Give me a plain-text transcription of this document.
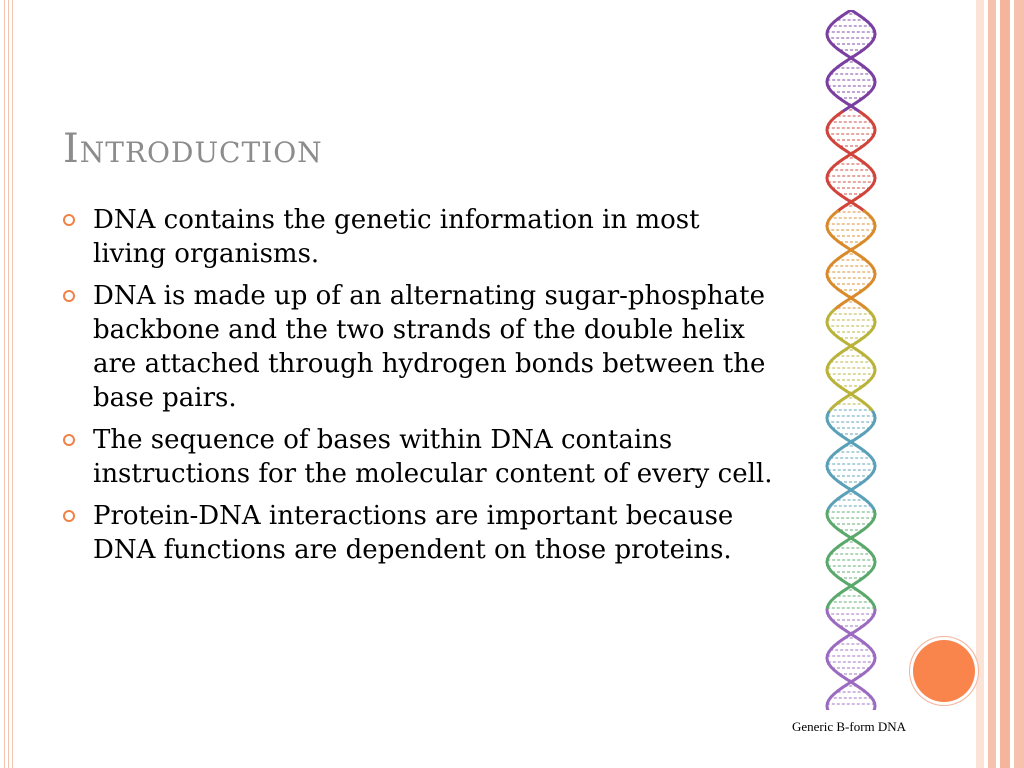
Introduction
DNA contains the genetic information in most living organisms.
DNA is made up of an alternating sugar-phosphate backbone and the two strands of the double helix are attached through hydrogen bonds between the base pairs.
The sequence of bases within DNA contains instructions for the molecular content of every cell.
Protein-DNA interactions are important because DNA functions are dependent on those proteins.
Generic B-form DNA
